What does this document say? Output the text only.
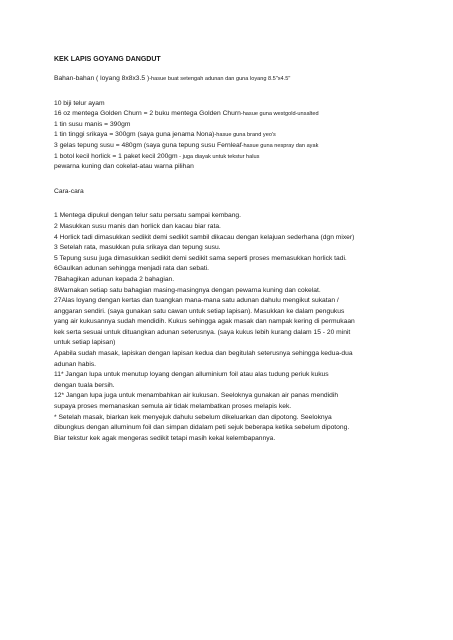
KEK LAPIS GOYANG DANGDUT
Bahan-bahan ( loyang 8x8x3.5 )-hasue buat setengah adunan dan guna loyang 8.5"x4.5"
10 biji telur ayam
16 oz mentega Golden Churn = 2 buku mentega Golden Churn-hasue guna westgold-unsalted
1 tin susu manis = 390gm
1 tin tinggi srikaya = 300gm (saya guna jenama Nona)-hasue guna brand yeo's
3 gelas tepung susu = 480gm (saya guna tepung susu Fernleaf-hasue guna nespray dan ayak
1 botol kecil horlick = 1 paket kecil 200gm - juga diayak untuk tekstur halus
pewarna kuning dan cokelat-atau warna pilihan
Cara-cara
1 Mentega dipukul dengan telur satu persatu sampai kembang.
2 Masukkan susu manis dan horlick dan kacau biar rata.
4 Horlick tadi dimasukkan sedikit demi sedikit sambil dikacau dengan kelajuan sederhana (dgn mixer)
3 Setelah rata, masukkan pula srikaya dan tepung susu.
5 Tepung susu juga dimasukkan sedikit demi sedikit sama seperti proses memasukkan horlick tadi.
6Gaulkan adunan sehingga menjadi rata dan sebati.
7Bahagikan adunan kepada 2 bahagian.
8Warnakan setiap satu bahagian masing-masingnya dengan pewarna kuning dan cokelat.
27Alas loyang dengan kertas dan tuangkan mana-mana satu adunan dahulu mengikut sukatan /
anggaran sendiri. (saya gunakan satu cawan untuk setiap lapisan). Masukkan ke dalam pengukus
yang air kukusannya sudah mendidih. Kukus sehingga agak masak dan nampak kering di permukaan
kek serta sesuai untuk dituangkan adunan seterusnya. (saya kukus lebih kurang dalam 15 - 20 minit
untuk setiap lapisan)
Apabila sudah masak, lapiskan dengan lapisan kedua dan begitulah seterusnya sehingga kedua-dua
adunan habis.
11* Jangan lupa untuk menutup loyang dengan alluminium foil atau alas tudung periuk kukus
dengan tuala bersih.
12* Jangan lupa juga untuk menambahkan air kukusan. Seeloknya gunakan air panas mendidih
supaya proses memanaskan semula air tidak melambatkan proses melapis kek.
* Setelah masak, biarkan kek menyejuk dahulu sebelum dikeluarkan dan dipotong. Seeloknya
dibungkus dengan alluminum foil dan simpan didalam peti sejuk beberapa ketika sebelum dipotong.
Biar tekstur kek agak mengeras sedikit tetapi masih kekal kelembapannya.
